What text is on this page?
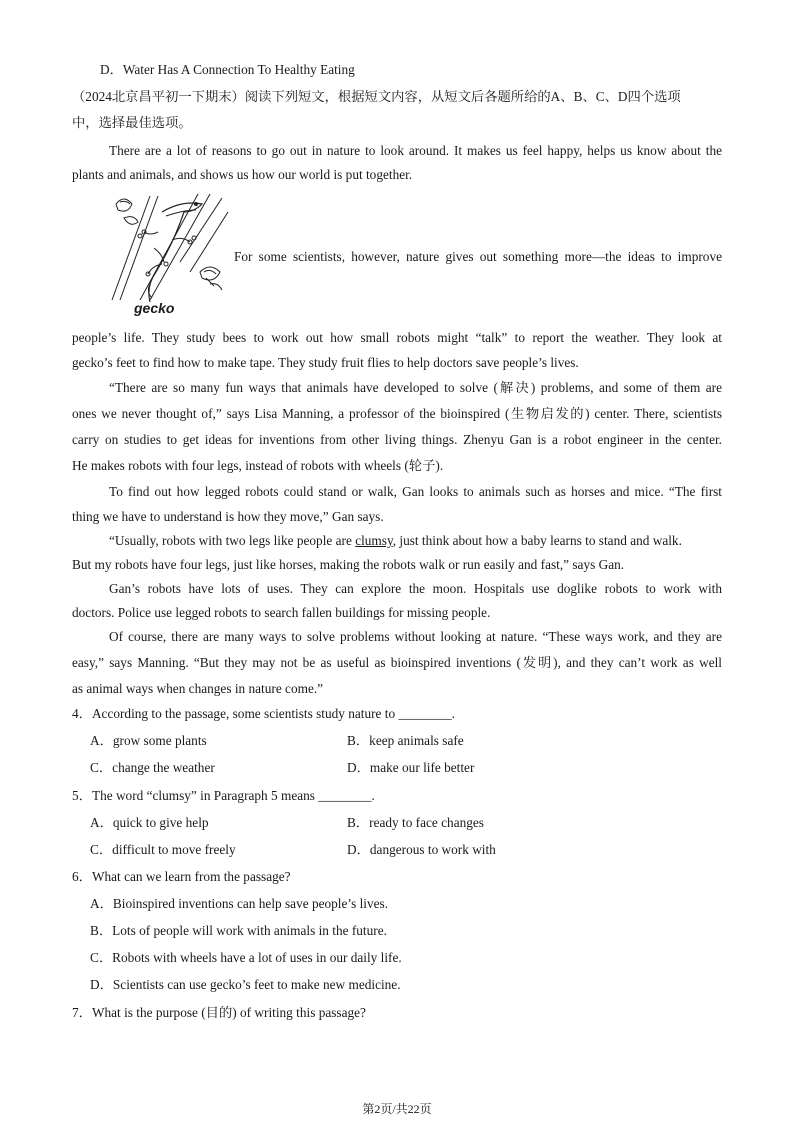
D．Water Has A Connection To Healthy Eating
（2024北京昌平初一下期末）阅读下列短文，根据短文内容，从短文后各题所给的A、B、C、D四个选项
中，选择最佳选项。
There are a lot of reasons to go out in nature to look around. It makes us feel happy, helps us know about the
plants and animals, and shows us how our world is put together.
gecko
For some scientists, however, nature gives out something more—the ideas to improve
people’s life. They study bees to work out how small robots might “talk” to report the weather. They look at
gecko’s feet to find how to make tape. They study fruit flies to help doctors save people’s lives.
“There are so many fun ways that animals have developed to solve (解决) problems, and some of them are
ones we never thought of,” says Lisa Manning, a professor of the bioinspired (生物启发的) center. There, scientists
carry on studies to get ideas for inventions from other living things. Zhenyu Gan is a robot engineer in the center.
He makes robots with four legs, instead of robots with wheels (轮子).
To find out how legged robots could stand or walk, Gan looks to animals such as horses and mice. “The first
thing we have to understand is how they move,” Gan says.
“Usually, robots with two legs like people are clumsy, just think about how a baby learns to stand and walk.
But my robots have four legs, just like horses, making the robots walk or run easily and fast,” says Gan.
Gan’s robots have lots of uses. They can explore the moon. Hospitals use doglike robots to work with
doctors. Police use legged robots to search fallen buildings for missing people.
Of course, there are many ways to solve problems without looking at nature. “These ways work, and they are
easy,” says Manning. “But they may not be as useful as bioinspired inventions (发明), and they can’t work as well
as animal ways when changes in nature come.”
4．According to the passage, some scientists study nature to ________.
A．grow some plants	B．keep animals safe
C．change the weather	D．make our life better
5．The word “clumsy” in Paragraph 5 means ________.
A．quick to give help	B．ready to face changes
C．difficult to move freely	D．dangerous to work with
6．What can we learn from the passage?
A．Bioinspired inventions can help save people’s lives.
B．Lots of people will work with animals in the future.
C．Robots with wheels have a lot of uses in our daily life.
D．Scientists can use gecko’s feet to make new medicine.
7．What is the purpose (目的) of writing this passage?
第2页/共22页
